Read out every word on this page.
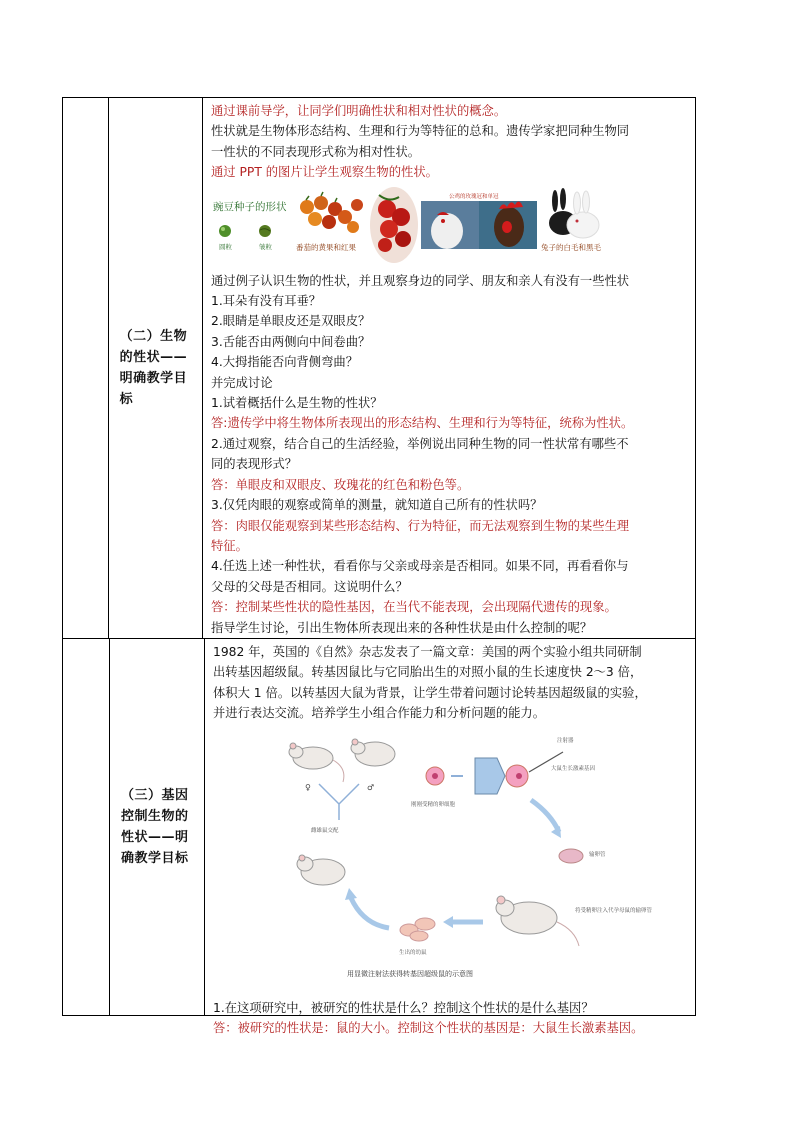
（二）生物的性状——明确教学目标
通过课前导学，让同学们明确性状和相对性状的概念。
性状就是生物体形态结构、生理和行为等特征的总和。遗传学家把同种生物同
一性状的不同表现形式称为相对性状。
通过 PPT 的图片让学生观察生物的性状。
豌豆种子的形状
圆粒	皱粒	番茄的黄果和红果
公鸡的玫瑰冠和单冠
兔子的白毛和黑毛
通过例子认识生物的性状，并且观察身边的同学、朋友和亲人有没有一些性状
1.耳朵有没有耳垂？
2.眼睛是单眼皮还是双眼皮？
3.舌能否由两侧向中间卷曲？
4.大拇指能否向背侧弯曲？
并完成讨论
1.试着概括什么是生物的性状？
答:遗传学中将生物体所表现出的形态结构、生理和行为等特征，统称为性状。
2.通过观察，结合自己的生活经验，举例说出同种生物的同一性状常有哪些不
同的表现形式？
答：单眼皮和双眼皮、玫瑰花的红色和粉色等。
3.仅凭肉眼的观察或简单的测量，就知道自己所有的性状吗？
答：肉眼仅能观察到某些形态结构、行为特征，而无法观察到生物的某些生理
特征。
4.任选上述一种性状，看看你与父亲或母亲是否相同。如果不同，再看看你与
父母的父母是否相同。这说明什么？
答：控制某些性状的隐性基因，在当代不能表现，会出现隔代遗传的现象。
指导学生讨论，引出生物体所表现出来的各种性状是由什么控制的呢？
（三）基因控制生物的性状——明确教学目标
1982 年，英国的《自然》杂志发表了一篇文章：美国的两个实验小组共同研制
出转基因超级鼠。转基因鼠比与它同胎出生的对照小鼠的生长速度快 2～3 倍，
体积大 1 倍。以转基因大鼠为背景，让学生带着问题讨论转基因超级鼠的实验，
并进行表达交流。培养学生小组合作能力和分析问题的能力。
♀	♂
雌雄鼠交配
刚刚受精的卵细胞
注射器
大鼠生长激素基因
输卵管
将受精卵注入代孕母鼠的输卵管
生出的幼鼠
用显微注射法获得转基因超级鼠的示意图
1.在这项研究中，被研究的性状是什么？控制这个性状的是什么基因？
答：被研究的性状是：鼠的大小。控制这个性状的基因是：大鼠生长激素基因。
